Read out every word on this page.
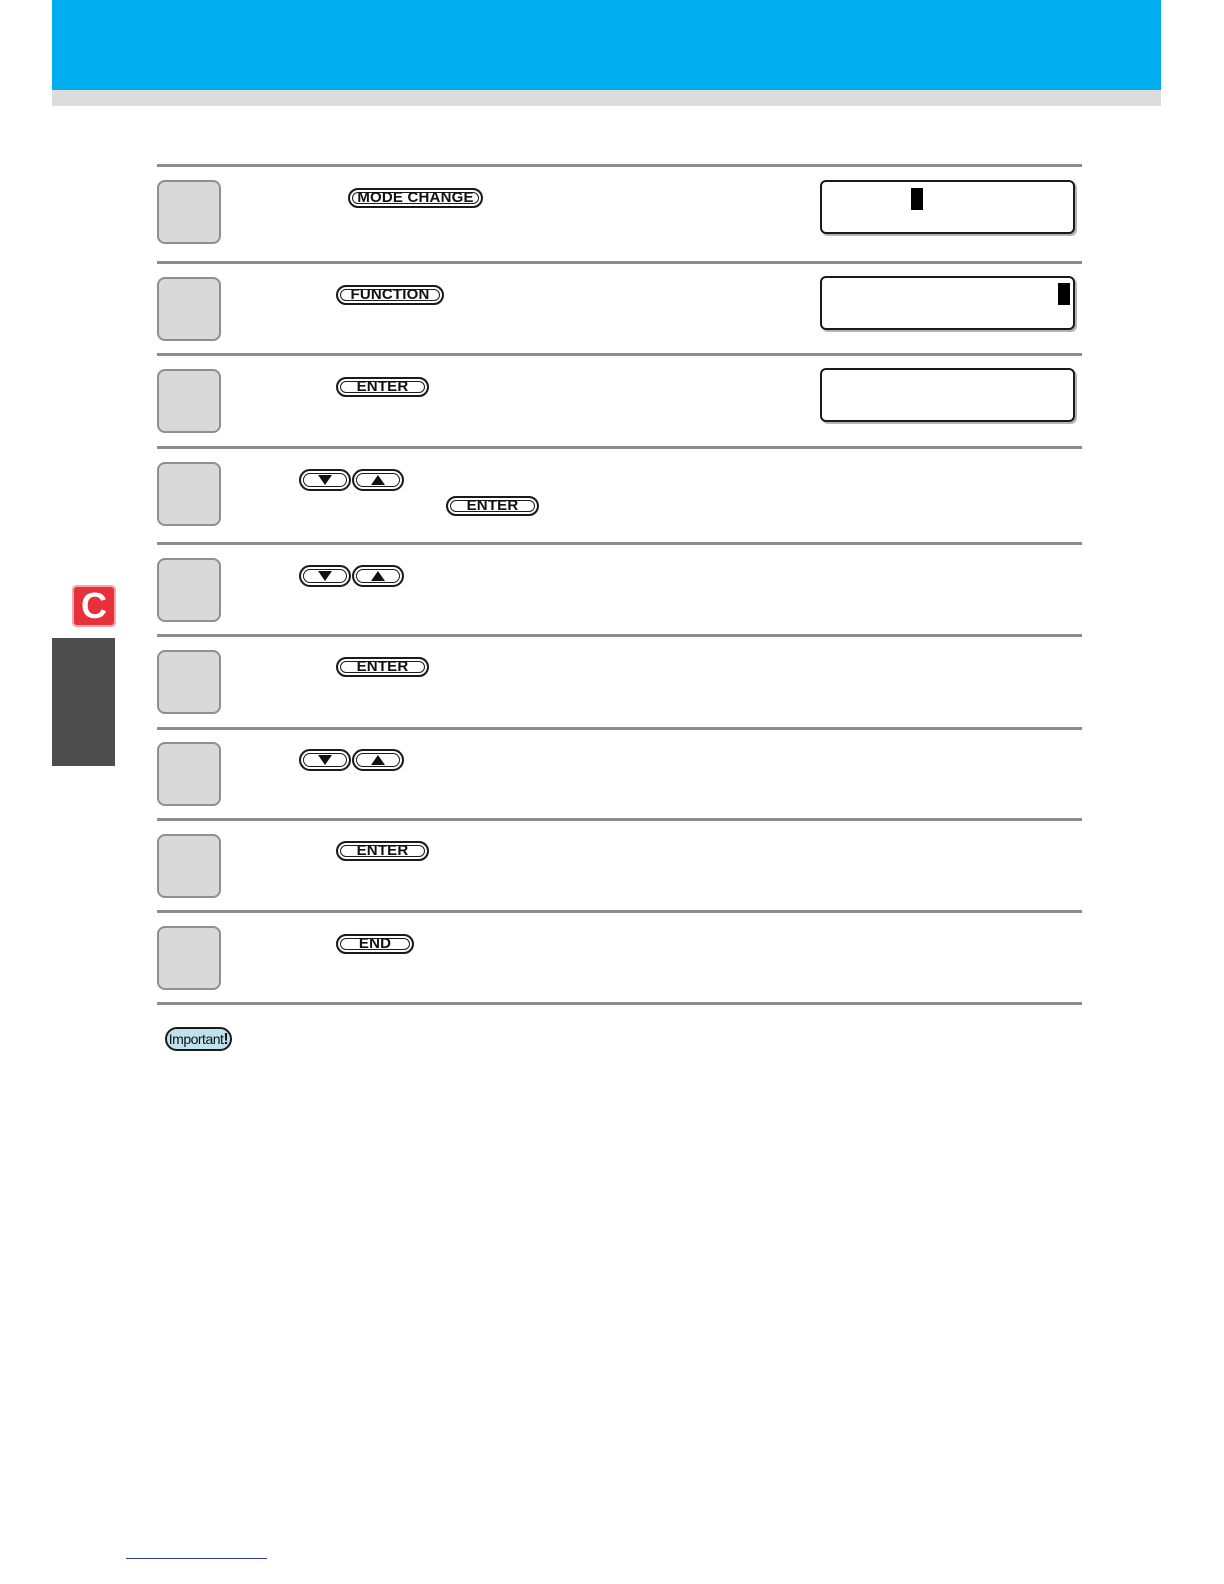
C
MODE CHANGE
FUNCTION
ENTER
ENTER
ENTER
ENTER
END
Important!
